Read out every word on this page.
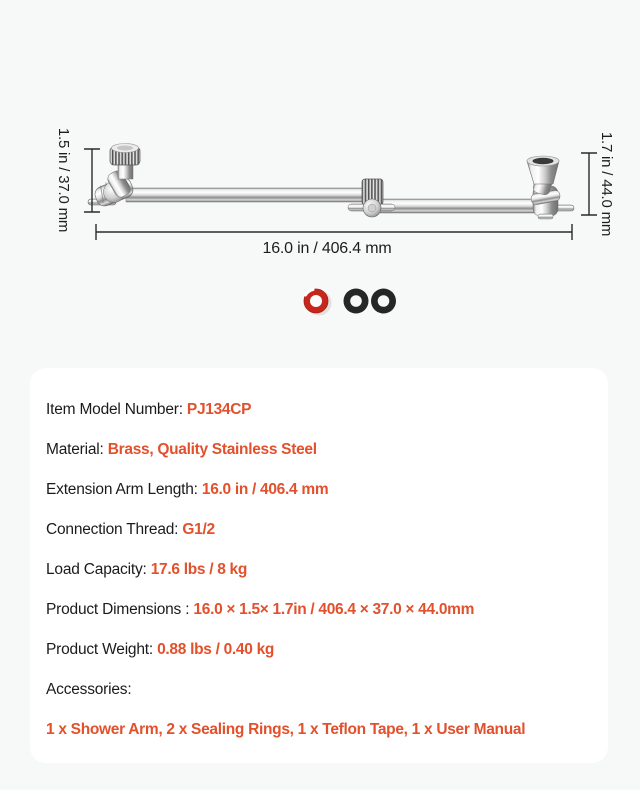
1.5 in / 37.0 mm	1.7 in / 44.0 mm
16.0 in / 406.4 mm
Item Model Number: PJ134CP
Material: Brass, Quality Stainless Steel
Extension Arm Length: 16.0 in / 406.4 mm
Connection Thread: G1/2
Load Capacity: 17.6 lbs / 8 kg
Product Dimensions : 16.0 × 1.5× 1.7in / 406.4 × 37.0 × 44.0mm
Product Weight: 0.88 lbs / 0.40 kg
Accessories:
1 x Shower Arm, 2 x Sealing Rings, 1 x Teflon Tape, 1 x User Manual
